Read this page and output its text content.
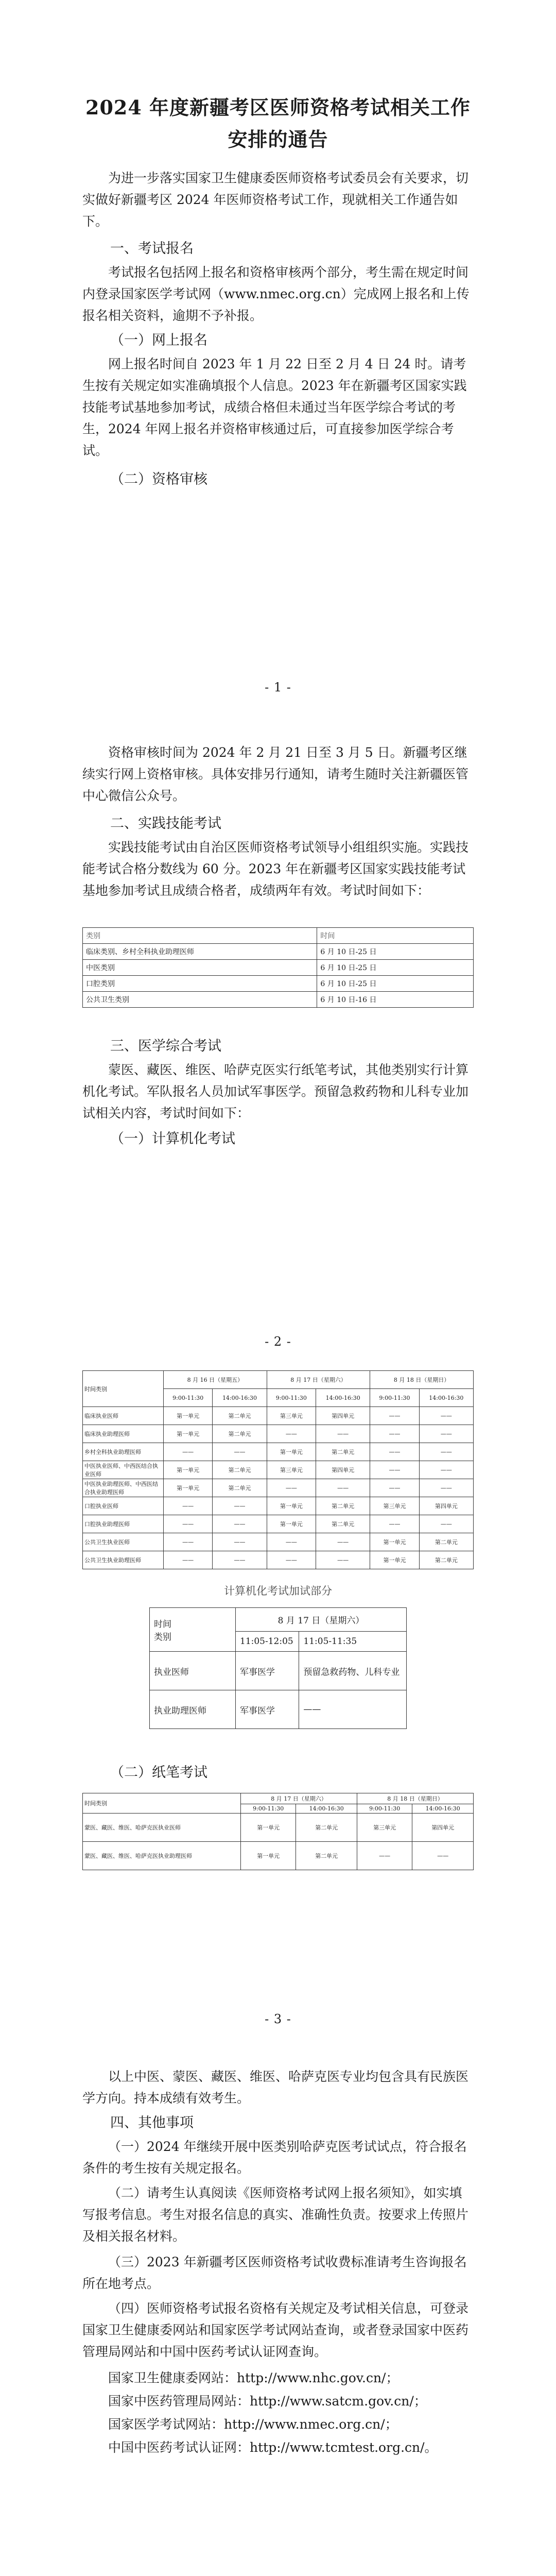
2024 年度新疆考区医师资格考试相关工作
安排的通告
为进一步落实国家卫生健康委医师资格考试委员会有关要求，切实做好新疆考区 2024 年医师资格考试工作，现就相关工作通告如下。
一、考试报名
考试报名包括网上报名和资格审核两个部分，考生需在规定时间内登录国家医学考试网（www.nmec.org.cn）完成网上报名和上传报名相关资料，逾期不予补报。
（一）网上报名
网上报名时间自 2023 年 1 月 22 日至 2 月 4 日 24 时。请考生按有关规定如实准确填报个人信息。2023 年在新疆考区国家实践技能考试基地参加考试，成绩合格但未通过当年医学综合考试的考生，2024 年网上报名并资格审核通过后，可直接参加医学综合考试。
（二）资格审核
- 1 -
资格审核时间为 2024 年 2 月 21 日至 3 月 5 日。新疆考区继续实行网上资格审核。具体安排另行通知，请考生随时关注新疆医管中心微信公众号。
二、实践技能考试
实践技能考试由自治区医师资格考试领导小组组织实施。实践技能考试合格分数线为 60 分。2023 年在新疆考区国家实践技能考试基地参加考试且成绩合格者，成绩两年有效。考试时间如下：
类别	时间
临床类别、乡村全科执业助理医师	6 月 10 日-25 日
中医类别	6 月 10 日-25 日
口腔类别	6 月 10 日-25 日
公共卫生类别	6 月 10 日-16 日
三、医学综合考试
蒙医、藏医、维医、哈萨克医实行纸笔考试，其他类别实行计算机化考试。军队报名人员加试军事医学。预留急救药物和儿科专业加试相关内容，考试时间如下：
（一）计算机化考试
- 2 -
时间类别	8 月 16 日（星期五）		8 月 17 日（星期六）		8 月 18 日（星期日）	
	9:00-11:30	14:00-16:30	9:00-11:30	14:00-16:30	9:00-11:30	14:00-16:30
临床执业医师	第一单元	第二单元	第三单元	第四单元	——	——
临床执业助理医师	第一单元	第二单元	——	——	——	——
乡村全科执业助理医师	——	——	第一单元	第二单元	——	——
中医执业医师、中西医结合执业医师	第一单元	第二单元	第三单元	第四单元	——	——
中医执业助理医师、中西医结合执业助理医师	第一单元	第二单元	——	——	——	——
口腔执业医师	——	——	第一单元	第二单元	第三单元	第四单元
口腔执业助理医师	——	——	第一单元	第二单元	——	——
公共卫生执业医师	——	——	——	——	第一单元	第二单元
公共卫生执业助理医师	——	——	——	——	第一单元	第二单元
计算机化考试加试部分
时间
类别	8 月 17 日（星期六）	
	11:05-12:05	11:05-11:35
执业医师	军事医学	预留急救药物、儿科专业
执业助理医师	军事医学	——
（二）纸笔考试
时间类别	8 月 17 日（星期六）		8 月 18 日（星期日）	
	9:00-11:30	14:00-16:30	9:00-11:30	14:00-16:30
蒙医、藏医、维医、哈萨克医执业医师	第一单元	第二单元	第三单元	第四单元
蒙医、藏医、维医、哈萨克医执业助理医师	第一单元	第二单元	——	——
- 3 -
以上中医、蒙医、藏医、维医、哈萨克医专业均包含具有民族医学方向。持本成绩有效考生。
四、其他事项
（一）2024 年继续开展中医类别哈萨克医考试试点，符合报名条件的考生按有关规定报名。
（二）请考生认真阅读《医师资格考试网上报名须知》，如实填写报考信息。考生对报名信息的真实、准确性负责。按要求上传照片及相关报名材料。
（三）2023 年新疆考区医师资格考试收费标准请考生咨询报名所在地考点。
（四）医师资格考试报名资格有关规定及考试相关信息，可登录国家卫生健康委网站和国家医学考试网站查询，或者登录国家中医药管理局网站和中国中医药考试认证网查询。
国家卫生健康委网站：http://www.nhc.gov.cn/；
国家中医药管理局网站：http://www.satcm.gov.cn/；
国家医学考试网站：http://www.nmec.org.cn/；
中国中医药考试认证网：http://www.tcmtest.org.cn/。
